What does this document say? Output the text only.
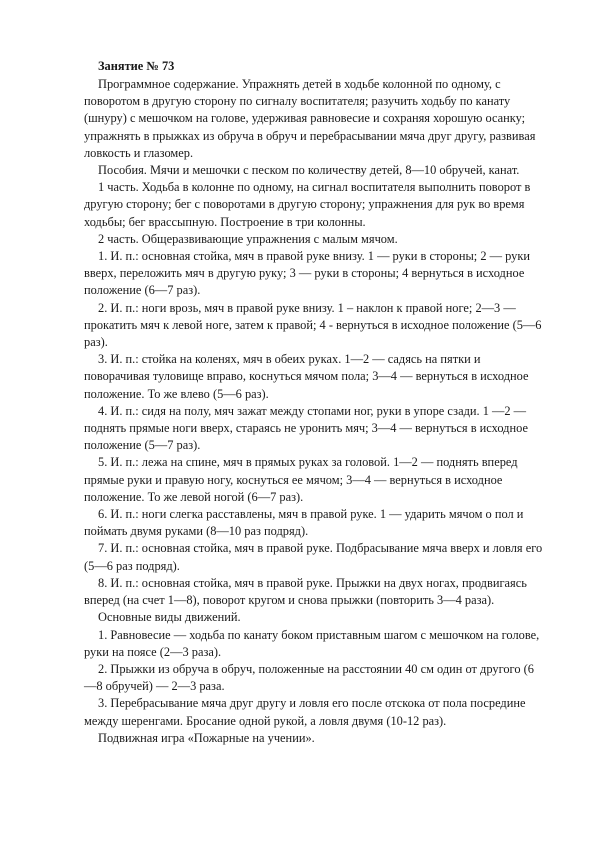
Занятие № 73

Программное содержание. Упражнять детей в ходьбе колонной по одному, с поворотом в другую сторону по сигналу воспитателя; разучить ходьбу по канату (шнуру) с мешочком на голове, удерживая равновесие и сохраняя хорошую осанку; упражнять в прыжках из обруча в обруч и перебрасывании мяча друг другу, развивая ловкость и глазомер.

Пособия. Мячи и мешочки с песком по количеству детей, 8—10 обручей, канат.

1 часть. Ходьба в колонне по одному, на сигнал воспитателя выполнить поворот в другую сторону; бег с поворотами в другую сторону; упражнения для рук во время ходьбы; бег врассыпную. Построение в три колонны.

2 часть. Общеразвивающие упражнения с малым мячом.

1. И. п.: основная стойка, мяч в правой руке внизу. 1 — руки в стороны; 2 — руки вверх, переложить мяч в другую руку; 3 — руки в стороны; 4 вернуться в исходное положение (6—7 раз).

2. И. п.: ноги врозь, мяч в правой руке внизу. 1 – наклон к правой ноге; 2—3 — прокатить мяч к левой ноге, затем к правой; 4 - вернуться в исходное положение (5—6 раз).

3. И. п.: стойка на коленях, мяч в обеих руках. 1—2 — садясь на пятки и поворачивая туловище вправо, коснуться мячом пола; 3—4 — вернуться в исходное положение. То же влево (5—6 раз).

4. И. п.: сидя на полу, мяч зажат между стопами ног, руки в упоре сзади. 1 —2 — поднять прямые ноги вверх, стараясь не уронить мяч; 3—4 — вернуться в исходное положение (5—7 раз).

5. И. п.: лежа на спине, мяч в прямых руках за головой. 1—2 — поднять вперед прямые руки и правую ногу, коснуться ее мячом; 3—4 — вернуться в исходное положение. То же левой ногой (6—7 раз).

6. И. п.: ноги слегка расставлены, мяч в правой руке. 1 — ударить мячом о пол и поймать двумя руками (8—10 раз подряд).

7. И. п.: основная стойка, мяч в правой руке. Подбрасывание мяча вверх и ловля его (5—6 раз подряд).

8. И. п.: основная стойка, мяч в правой руке. Прыжки на двух ногах, продвигаясь вперед (на счет 1—8), поворот кругом и снова прыжки (повторить 3—4 раза).

Основные виды движений.

1. Равновесие — ходьба по канату боком приставным шагом с мешочком на голове, руки на поясе (2—3 раза).

2. Прыжки из обруча в обруч, положенные на расстоянии 40 см один от другого (6—8 обручей) — 2—3 раза.

3. Перебрасывание мяча друг другу и ловля его после отскока от пола посредине между шеренгами. Бросание одной рукой, а ловля двумя (10-12 раз).

Подвижная игра «Пожарные на учении».
